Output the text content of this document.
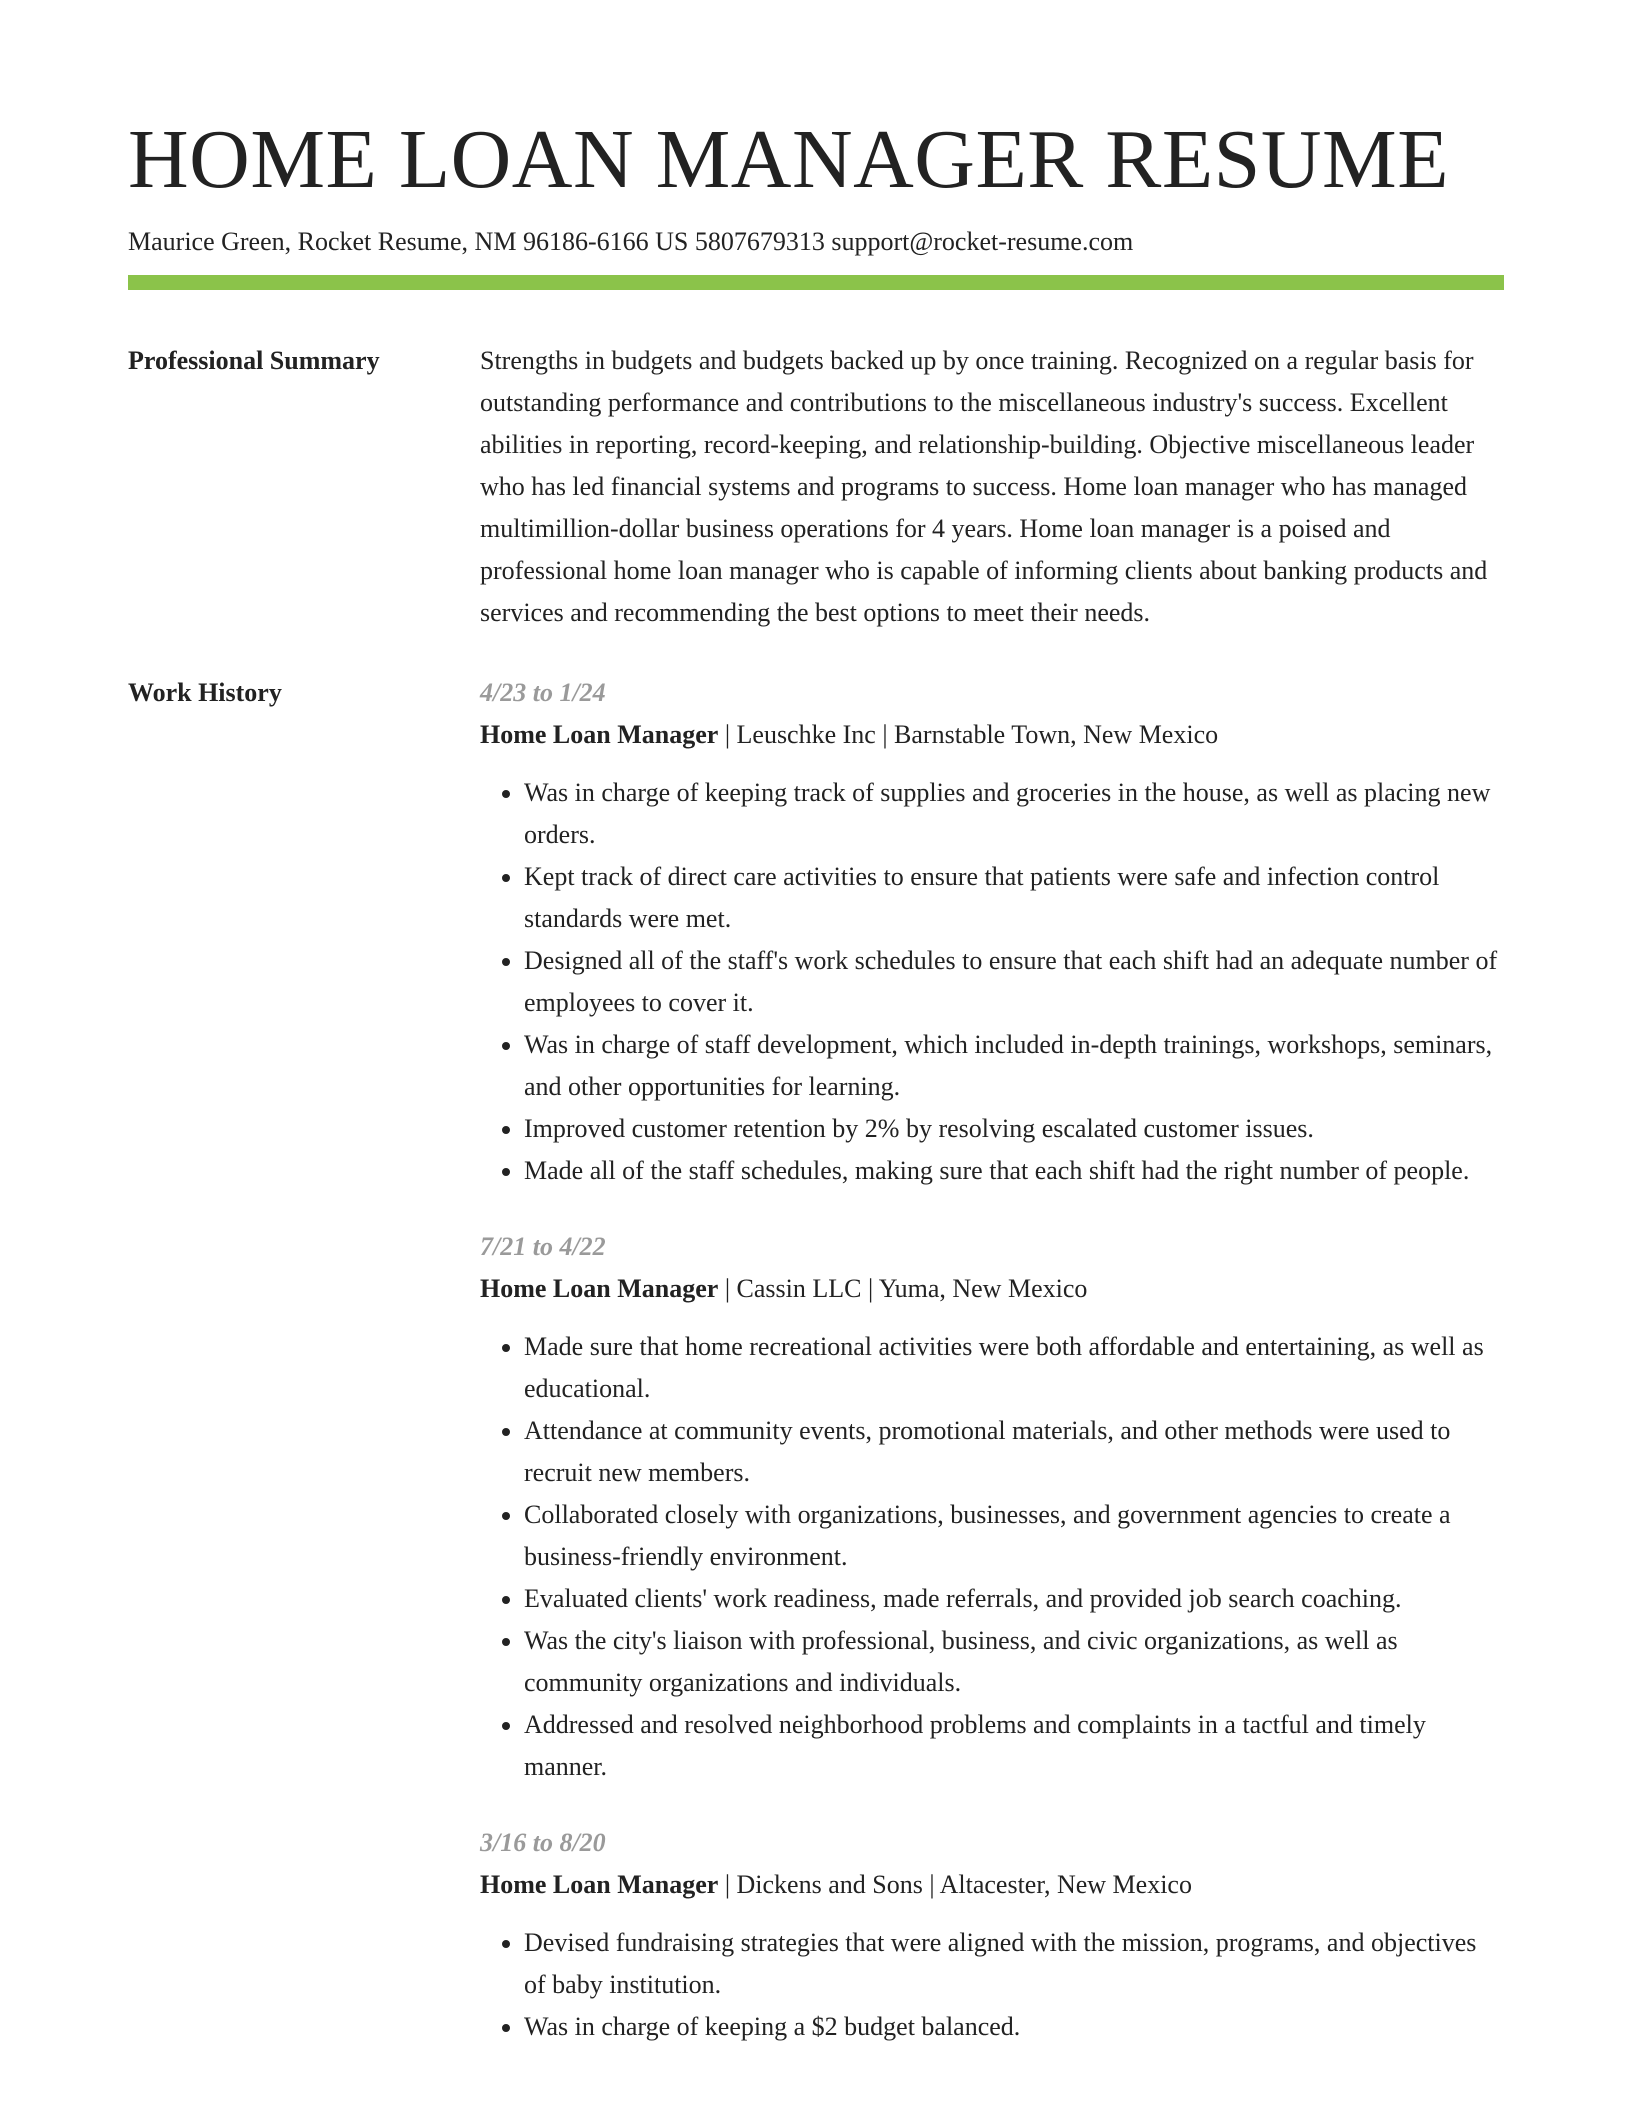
HOME LOAN MANAGER RESUME
Maurice Green, Rocket Resume, NM 96186-6166 US 5807679313 support@rocket-resume.com
Professional Summary	Strengths in budgets and budgets backed up by once training. Recognized on a regular basis for outstanding performance and contributions to the miscellaneous industry's success. Excellent abilities in reporting, record-keeping, and relationship-building. Objective miscellaneous leader who has led financial systems and programs to success. Home loan manager who has managed multimillion-dollar business operations for 4 years. Home loan manager is a poised and professional home loan manager who is capable of informing clients about banking products and services and recommending the best options to meet their needs.
Work History	4/23 to 1/24
Home Loan Manager | Leuschke Inc | Barnstable Town, New Mexico
• Was in charge of keeping track of supplies and groceries in the house, as well as placing new orders.
• Kept track of direct care activities to ensure that patients were safe and infection control standards were met.
• Designed all of the staff's work schedules to ensure that each shift had an adequate number of employees to cover it.
• Was in charge of staff development, which included in-depth trainings, workshops, seminars, and other opportunities for learning.
• Improved customer retention by 2% by resolving escalated customer issues.
• Made all of the staff schedules, making sure that each shift had the right number of people.
7/21 to 4/22
Home Loan Manager | Cassin LLC | Yuma, New Mexico
• Made sure that home recreational activities were both affordable and entertaining, as well as educational.
• Attendance at community events, promotional materials, and other methods were used to recruit new members.
• Collaborated closely with organizations, businesses, and government agencies to create a business-friendly environment.
• Evaluated clients' work readiness, made referrals, and provided job search coaching.
• Was the city's liaison with professional, business, and civic organizations, as well as community organizations and individuals.
• Addressed and resolved neighborhood problems and complaints in a tactful and timely manner.
3/16 to 8/20
Home Loan Manager | Dickens and Sons | Altacester, New Mexico
• Devised fundraising strategies that were aligned with the mission, programs, and objectives of baby institution.
• Was in charge of keeping a $2 budget balanced.
